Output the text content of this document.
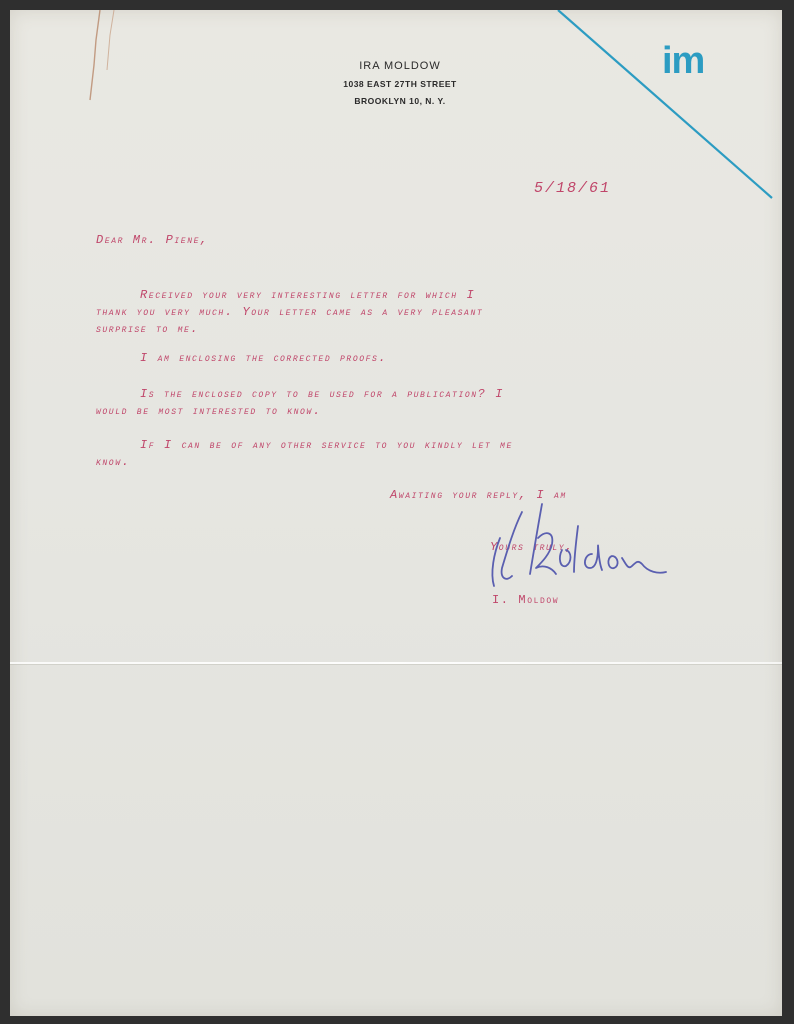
IRA MOLDOW
1038 EAST 27TH STREET
BROOKLYN 10, N. Y.
im
5/18/61
Dear Mr. Piene,
Received your very interesting letter for which I
thank you very much. Your letter came as a very pleasant
surprise to me.
I am enclosing the corrected proofs.
Is the enclosed copy to be used for a publication? I
would be most interested to know.
If I can be of any other service to you kindly let me
know.
Awaiting your reply, I am
Yours truly,
I. Moldow
